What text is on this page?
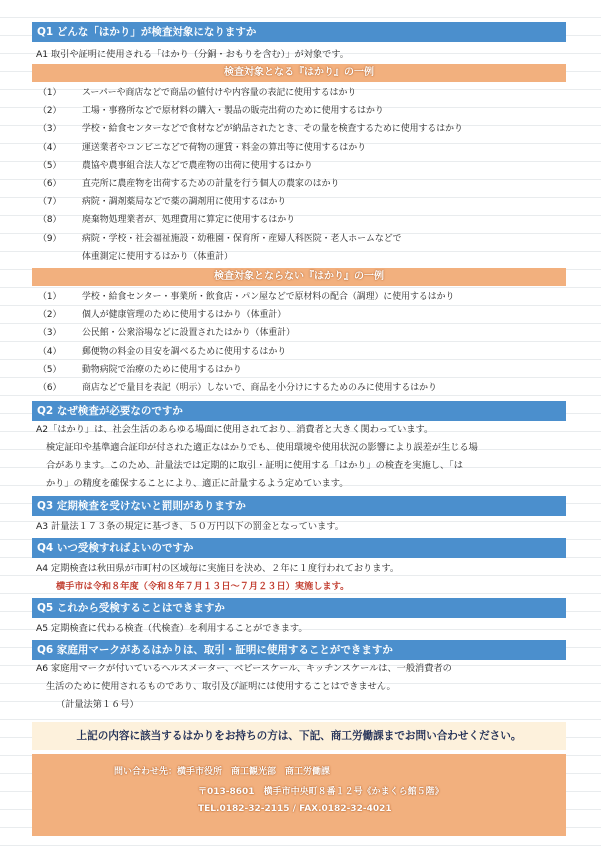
Q1 どんな「はかり」が検査対象になりますか
A1 取引や証明に使用される「はかり（分銅・おもりを含む）」が対象です。
検査対象となる『はかり』の一例
（1）	スーパーや商店などで商品の値付けや内容量の表記に使用するはかり
（2）	工場・事務所などで原材料の購入・製品の販売出荷のために使用するはかり
（3）	学校・給食センターなどで食材などが納品されたとき、その量を検査するために使用するはかり
（4）	運送業者やコンビニなどで荷物の運賃・料金の算出等に使用するはかり
（5）	農協や農事組合法人などで農産物の出荷に使用するはかり
（6）	直売所に農産物を出荷するための計量を行う個人の農家のはかり
（7）	病院・調剤薬局などで薬の調剤用に使用するはかり
（8）	廃棄物処理業者が、処理費用に算定に使用するはかり
（9）	病院・学校・社会福祉施設・幼稚園・保育所・産婦人科医院・老人ホームなどで
体重測定に使用するはかり（体重計）
検査対象とならない『はかり』の一例
（1）	学校・給食センター・事業所・飲食店・パン屋などで原材料の配合（調理）に使用するはかり
（2）	個人が健康管理のために使用するはかり（体重計）
（3）	公民館・公衆浴場などに設置されたはかり（体重計）
（4）	郵便物の料金の目安を調べるために使用するはかり
（5）	動物病院で治療のために使用するはかり
（6）	商店などで量目を表記（明示）しないで、商品を小分けにするためのみに使用するはかり
Q2 なぜ検査が必要なのですか
A2「はかり」は、社会生活のあらゆる場面に使用されており、消費者と大きく関わっています。
検定証印や基準適合証印が付された適正なはかりでも、使用環境や使用状況の影響により誤差が生じる場
合があります。このため、計量法では定期的に取引・証明に使用する「はかり」の検査を実施し、「は
かり」の精度を確保することにより、適正に計量するよう定めています。
Q3 定期検査を受けないと罰則がありますか
A3 計量法１７３条の規定に基づき、５０万円以下の罰金となっています。
Q4 いつ受検すればよいのですか
A4 定期検査は秋田県が市町村の区域毎に実施日を決め、２年に１度行われております。
横手市は令和８年度（令和８年７月１３日～７月２３日）実施します。
Q5 これから受検することはできますか
A5 定期検査に代わる検査（代検査）を利用することができます。
Q6 家庭用マークがあるはかりは、取引・証明に使用することができますか
A6 家庭用マークが付いているヘルスメーター、ベビースケール、キッチンスケールは、一般消費者の
生活のために使用されるものであり、取引及び証明には使用することはできません。
（計量法第１６号）
上記の内容に該当するはかりをお持ちの方は、下記、商工労働課までお問い合わせください。
問い合わせ先：横手市役所　商工観光部　商工労働課
〒013-8601　横手市中央町８番１２号《かまくら館５階》
TEL.0182-32-2115 / FAX.0182-32-4021
